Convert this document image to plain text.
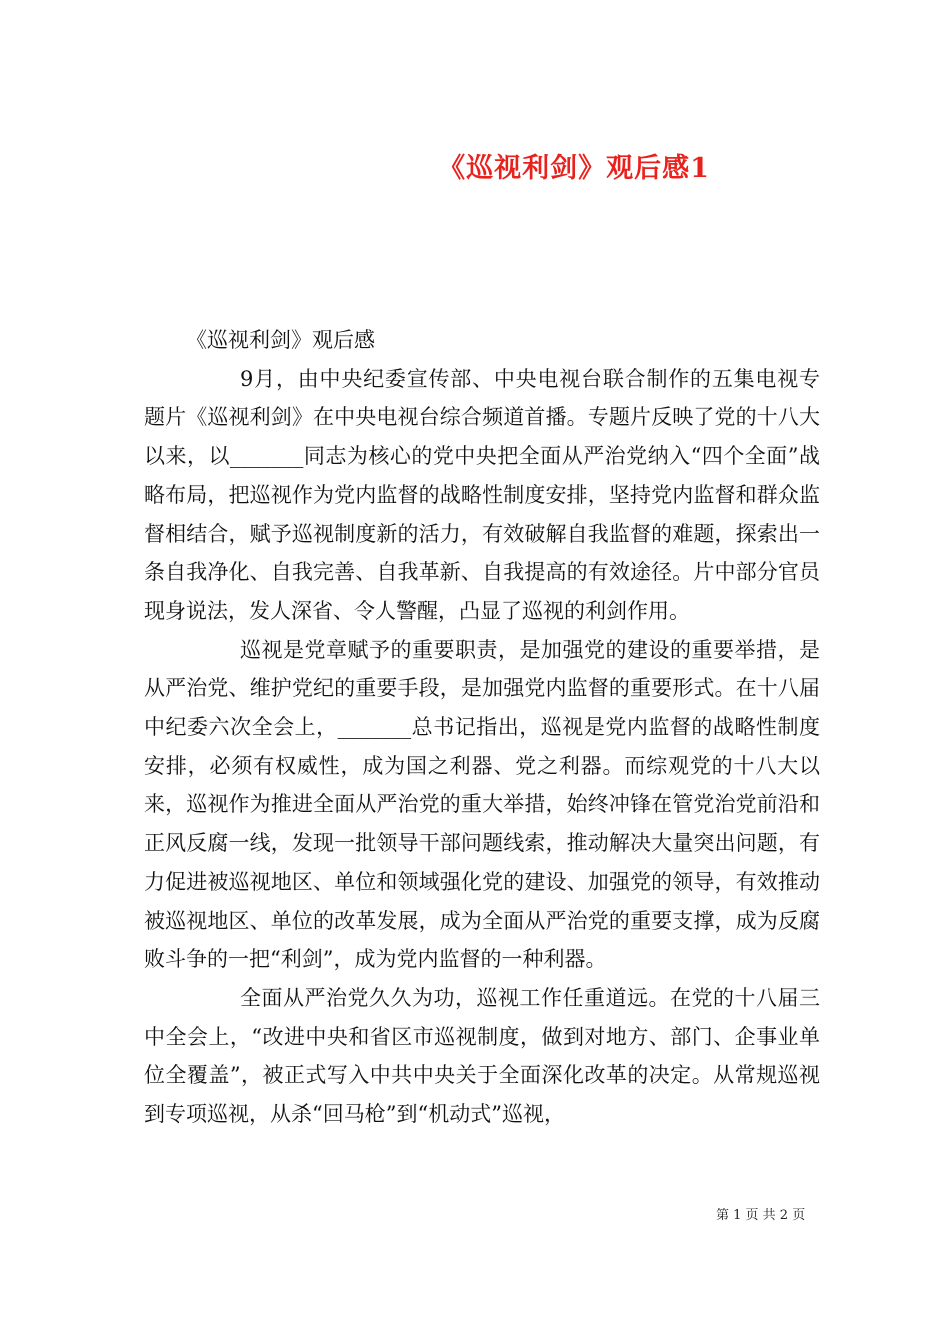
《巡视利剑》观后感1

《巡视利剑》观后感

9月，由中央纪委宣传部、中央电视台联合制作的五集电视专题片《巡视利剑》在中央电视台综合频道首播。专题片反映了党的十八大以来，以_______同志为核心的党中央把全面从严治党纳入“四个全面”战略布局，把巡视作为党内监督的战略性制度安排，坚持党内监督和群众监督相结合，赋予巡视制度新的活力，有效破解自我监督的难题，探索出一条自我净化、自我完善、自我革新、自我提高的有效途径。片中部分官员现身说法，发人深省、令人警醒，凸显了巡视的利剑作用。

巡视是党章赋予的重要职责，是加强党的建设的重要举措，是从严治党、维护党纪的重要手段，是加强党内监督的重要形式。在十八届中纪委六次全会上，_______总书记指出，巡视是党内监督的战略性制度安排，必须有权威性，成为国之利器、党之利器。而综观党的十八大以来，巡视作为推进全面从严治党的重大举措，始终冲锋在管党治党前沿和正风反腐一线，发现一批领导干部问题线索，推动解决大量突出问题，有力促进被巡视地区、单位和领域强化党的建设、加强党的领导，有效推动被巡视地区、单位的改革发展，成为全面从严治党的重要支撑，成为反腐败斗争的一把“利剑”，成为党内监督的一种利器。

全面从严治党久久为功，巡视工作任重道远。在党的十八届三中全会上，“改进中央和省区市巡视制度，做到对地方、部门、企事业单位全覆盖”，被正式写入中共中央关于全面深化改革的决定。从常规巡视到专项巡视，从杀“回马枪”到“机动式”巡视，

第 1 页 共 2 页
